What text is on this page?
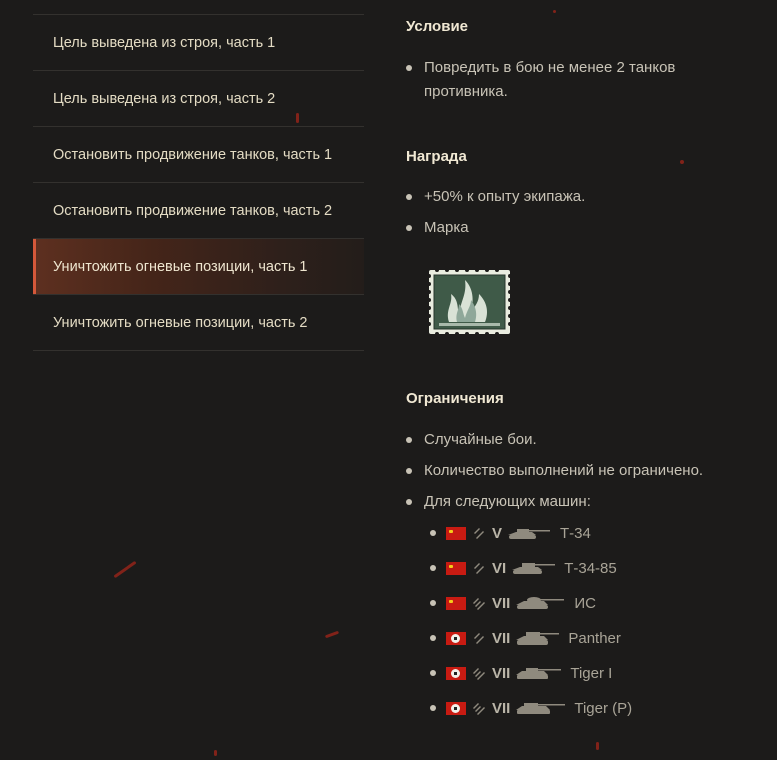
Цель выведена из строя, часть 1
Цель выведена из строя, часть 2
Остановить продвижение танков, часть 1
Остановить продвижение танков, часть 2
Уничтожить огневые позиции, часть 1
Уничтожить огневые позиции, часть 2
Условие
Повредить в бою не менее 2 танков противника.
Награда
+50% к опыту экипажа.
Марка
Ограничения
Случайные бои.
Количество выполнений не ограничено.
Для следующих машин:
V	Т-34
VI	Т-34-85
VII	ИС
VII	Panther
VII	Tiger I
VII	Tiger (P)
